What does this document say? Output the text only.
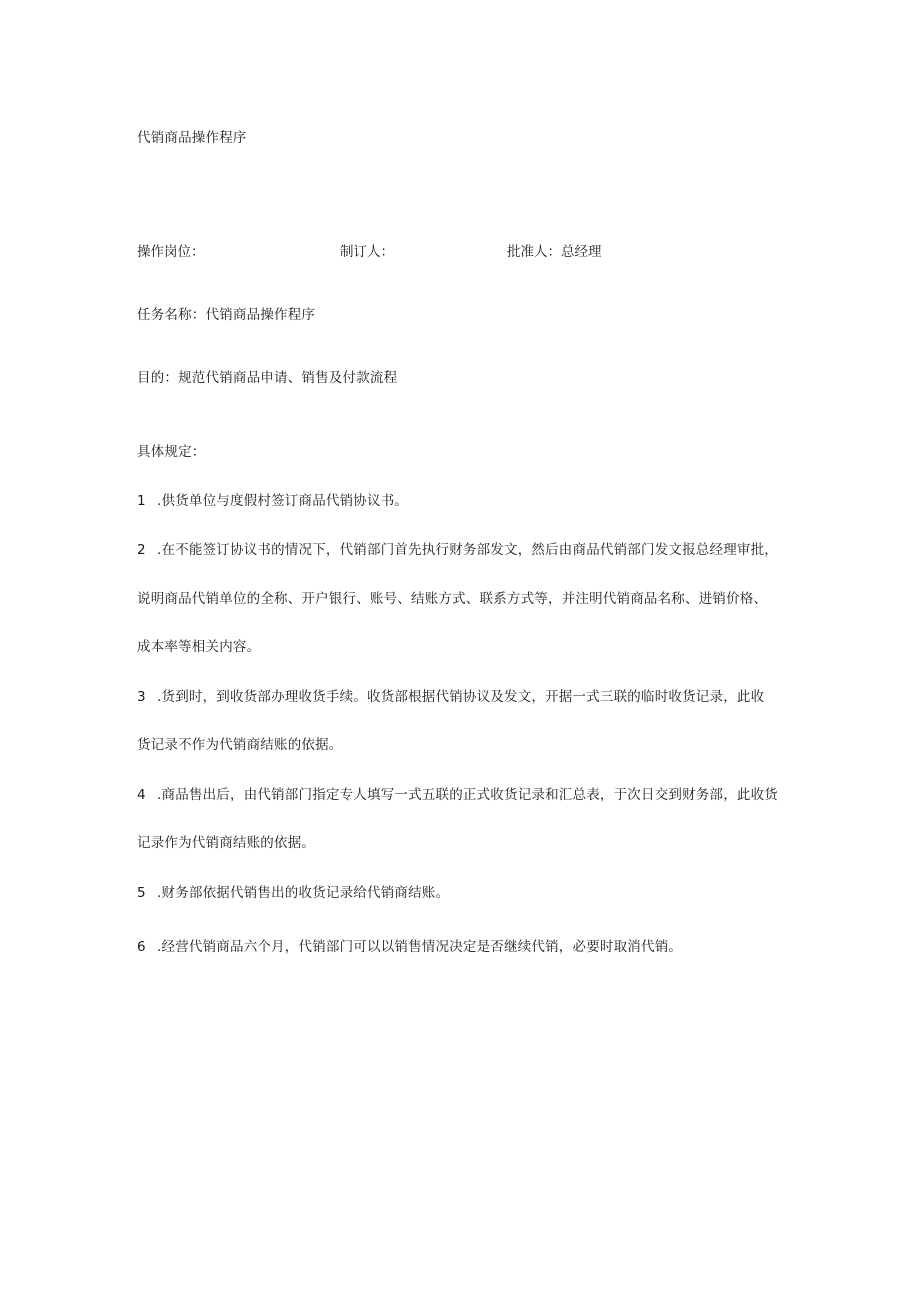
代销商品操作程序
操作岗位：	制订人：	批准人：总经理
任务名称：代销商品操作程序
目的：规范代销商品申请、销售及付款流程
具体规定：
1 .供货单位与度假村签订商品代销协议书。
2 .在不能签订协议书的情况下，代销部门首先执行财务部发文，然后由商品代销部门发文报总经理审批，
说明商品代销单位的全称、开户银行、账号、结账方式、联系方式等，并注明代销商品名称、进销价格、
成本率等相关内容。
3 .货到时，到收货部办理收货手续。收货部根据代销协议及发文，开据一式三联的临时收货记录，此收
货记录不作为代销商结账的依据。
4 .商品售出后，由代销部门指定专人填写一式五联的正式收货记录和汇总表，于次日交到财务部，此收货
记录作为代销商结账的依据。
5 .财务部依据代销售出的收货记录给代销商结账。
6 .经营代销商品六个月，代销部门可以以销售情况决定是否继续代销，必要时取消代销。
